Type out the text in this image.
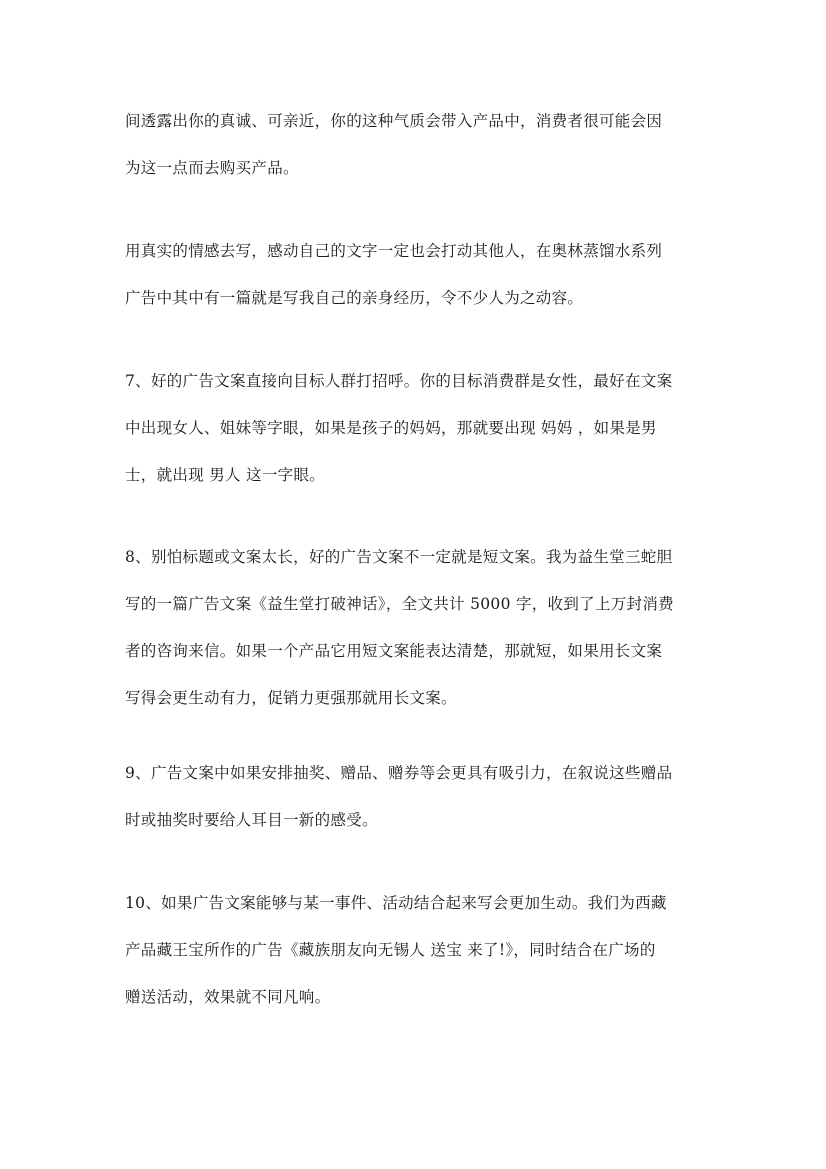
间透露出你的真诚、可亲近，你的这种气质会带入产品中，消费者很可能会因
为这一点而去购买产品。

用真实的情感去写，感动自己的文字一定也会打动其他人，在奥林蒸馏水系列
广告中其中有一篇就是写我自己的亲身经历，令不少人为之动容。

7、好的广告文案直接向目标人群打招呼。你的目标消费群是女性，最好在文案
中出现女人、姐妹等字眼，如果是孩子的妈妈，那就要出现 妈妈 ，如果是男
士，就出现 男人 这一字眼。

8、别怕标题或文案太长，好的广告文案不一定就是短文案。我为益生堂三蛇胆
写的一篇广告文案《益生堂打破神话》，全文共计 5000 字，收到了上万封消费
者的咨询来信。如果一个产品它用短文案能表达清楚，那就短，如果用长文案
写得会更生动有力，促销力更强那就用长文案。

9、广告文案中如果安排抽奖、赠品、赠券等会更具有吸引力，在叙说这些赠品
时或抽奖时要给人耳目一新的感受。

10、如果广告文案能够与某一事件、活动结合起来写会更加生动。我们为西藏
产品藏王宝所作的广告《藏族朋友向无锡人 送宝 来了!》，同时结合在广场的
赠送活动，效果就不同凡响。
